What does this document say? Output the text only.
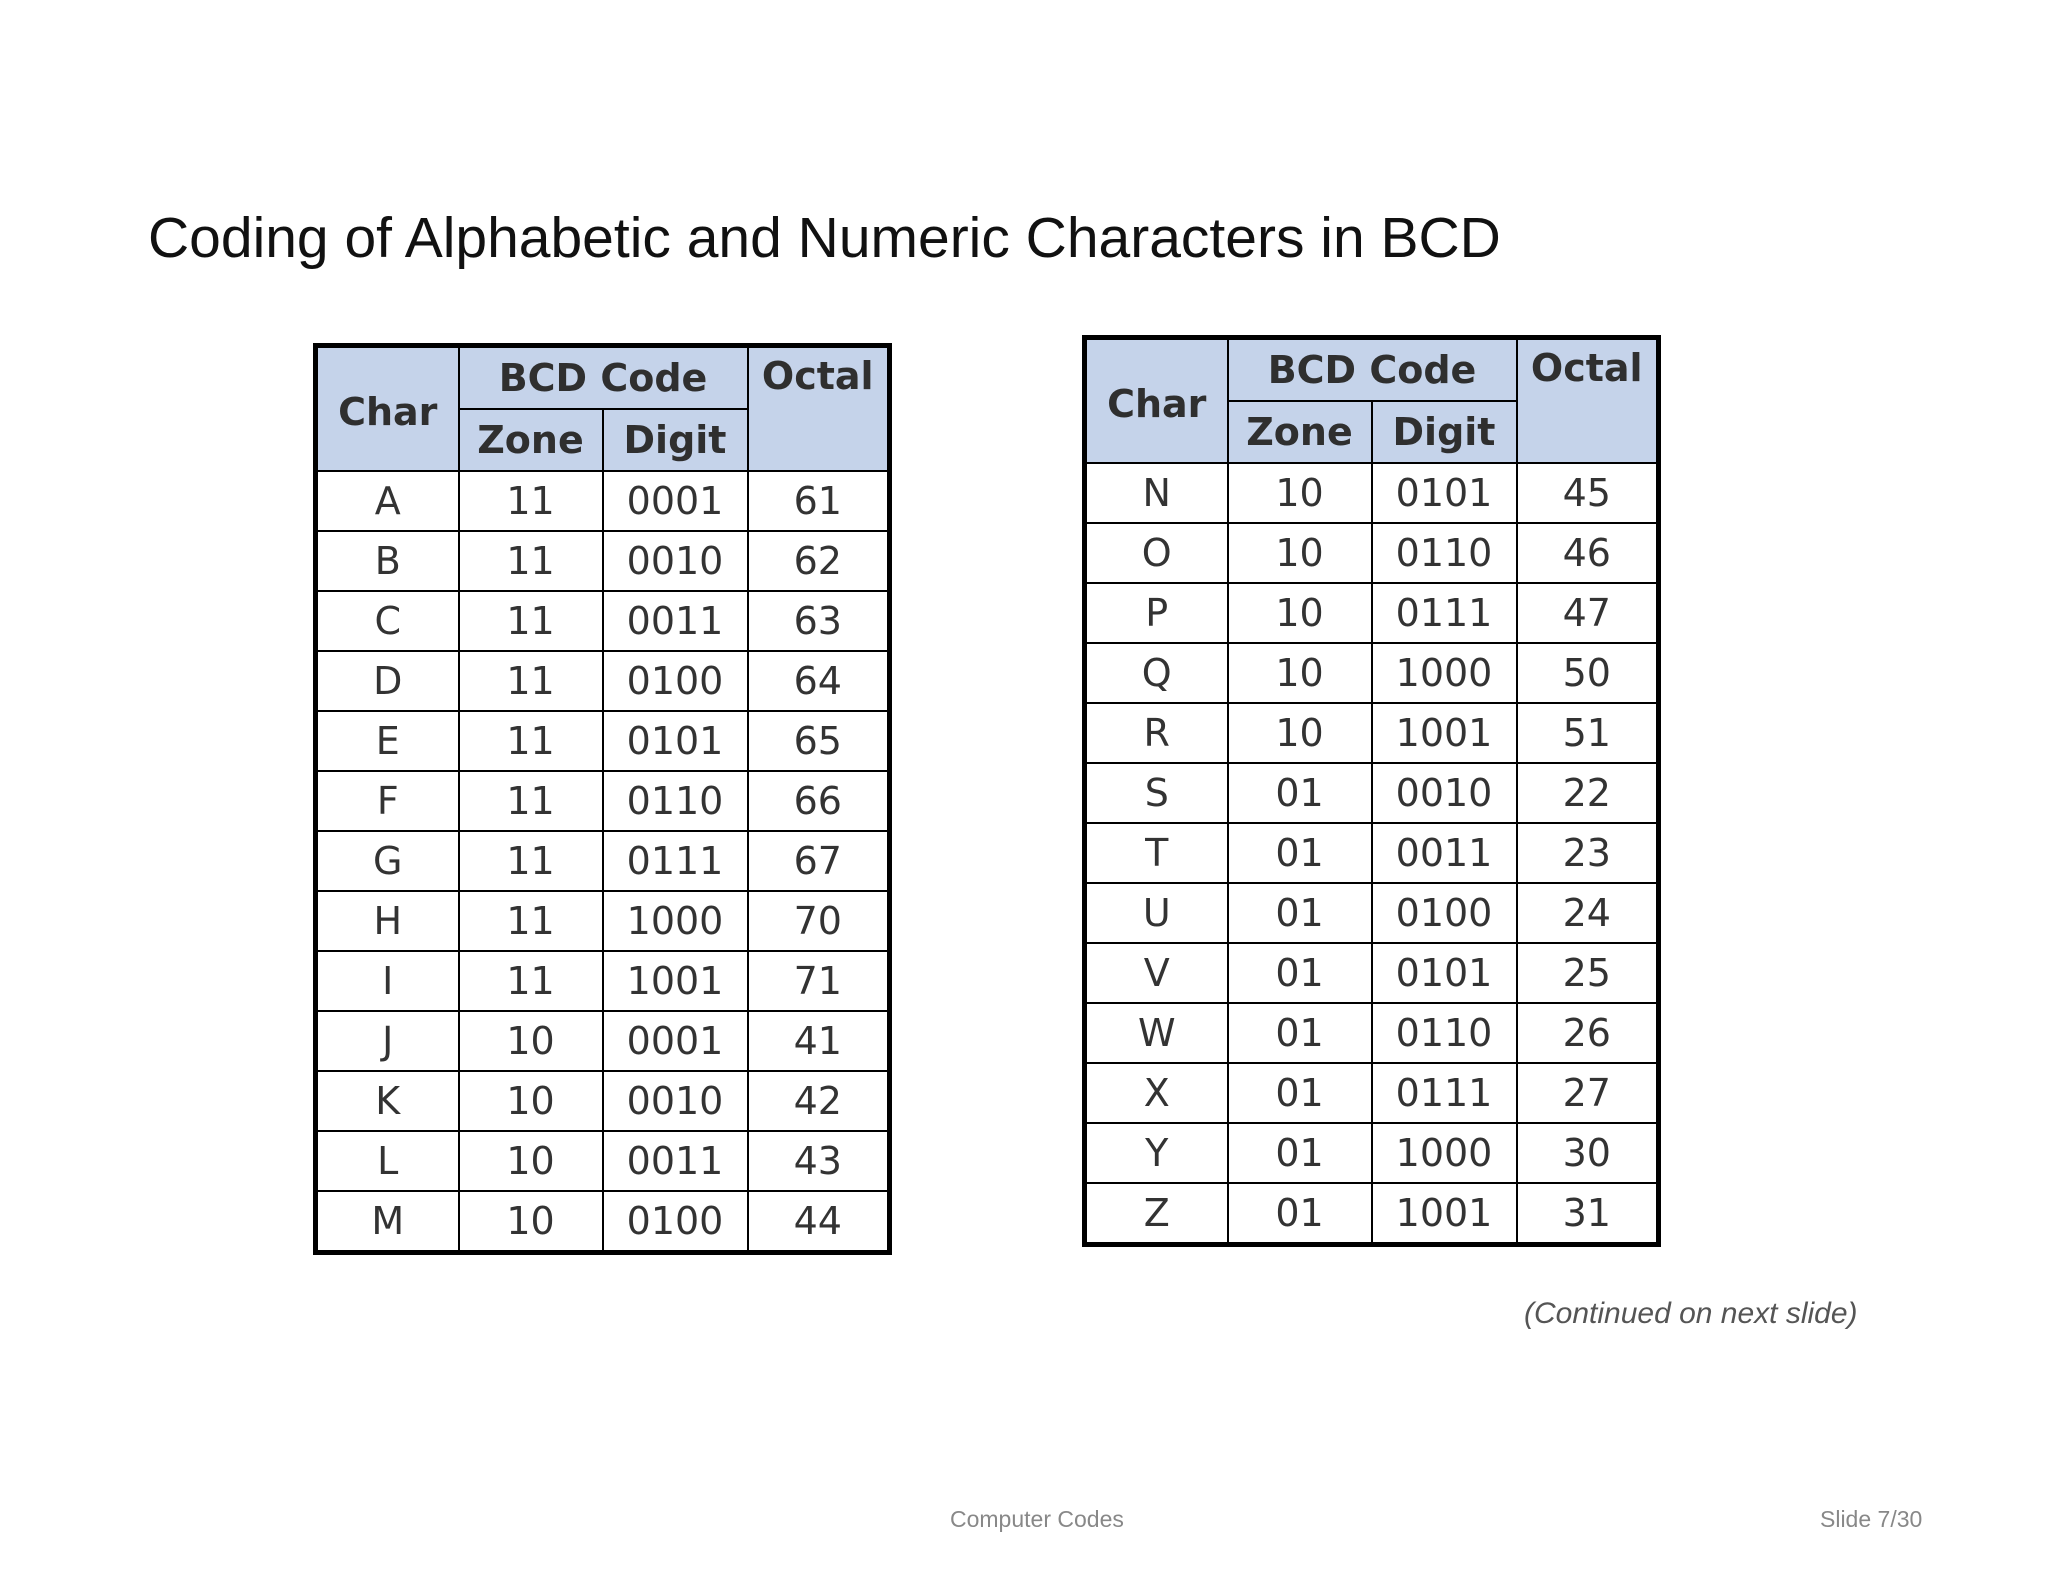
Coding of Alphabetic and Numeric Characters in BCD
Char	BCD Code		Octal
	Zone	Digit	
A	11	0001	61
B	11	0010	62
C	11	0011	63
D	11	0100	64
E	11	0101	65
F	11	0110	66
G	11	0111	67
H	11	1000	70
I	11	1001	71
J	10	0001	41
K	10	0010	42
L	10	0011	43
M	10	0100	44
Char	BCD Code		Octal
	Zone	Digit	
N	10	0101	45
O	10	0110	46
P	10	0111	47
Q	10	1000	50
R	10	1001	51
S	01	0010	22
T	01	0011	23
U	01	0100	24
V	01	0101	25
W	01	0110	26
X	01	0111	27
Y	01	1000	30
Z	01	1001	31
(Continued on next slide)
Computer Codes	Slide 7/30
